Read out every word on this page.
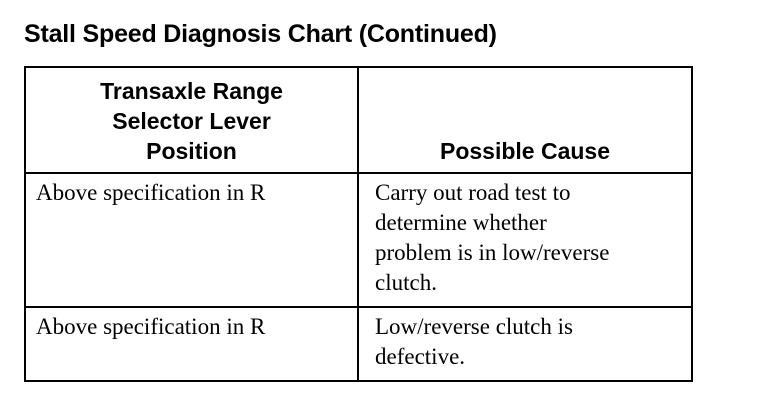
Stall Speed Diagnosis Chart (Continued)
Transaxle Range
Selector Lever
Position	Possible Cause

Above specification in R	Carry out road test to
determine whether
problem is in low/reverse
clutch.

Above specification in R	Low/reverse clutch is
defective.
